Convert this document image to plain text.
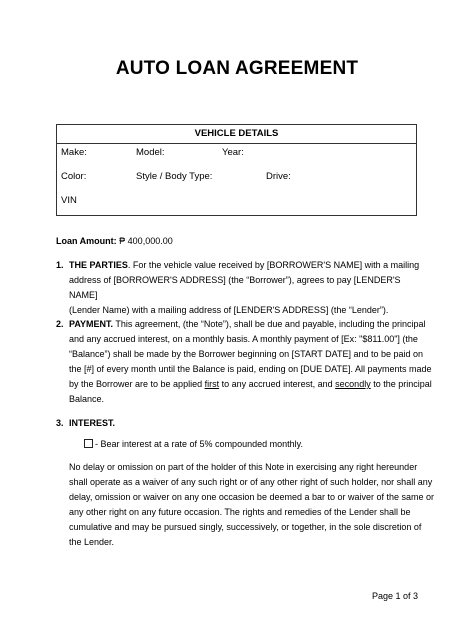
AUTO LOAN AGREEMENT
VEHICLE DETAILS
Make:	Model:	Year:
Color:	Style / Body Type:	Drive:
VIN
Loan Amount: ₱ 400,000.00
1. THE PARTIES. For the vehicle value received by [BORROWER'S NAME] with a mailing
address of [BORROWER'S ADDRESS] (the “Borrower”), agrees to pay [LENDER'S NAME]
(Lender Name) with a mailing address of [LENDER'S ADDRESS] (the “Lender”).
2. PAYMENT. This agreement, (the “Note”), shall be due and payable, including the principal
and any accrued interest, on a monthly basis. A monthly payment of [Ex: "$811.00"] (the
“Balance”) shall be made by the Borrower beginning on [START DATE] and to be paid on
the [#] of every month until the Balance is paid, ending on [DUE DATE]. All payments made
by the Borrower are to be applied first to any accrued interest, and secondly to the principal
Balance.
3. INTEREST.
- Bear interest at a rate of 5% compounded monthly.
No delay or omission on part of the holder of this Note in exercising any right hereunder
shall operate as a waiver of any such right or of any other right of such holder, nor shall any
delay, omission or waiver on any one occasion be deemed a bar to or waiver of the same or
any other right on any future occasion. The rights and remedies of the Lender shall be
cumulative and may be pursued singly, successively, or together, in the sole discretion of
the Lender.
Page 1 of 3
